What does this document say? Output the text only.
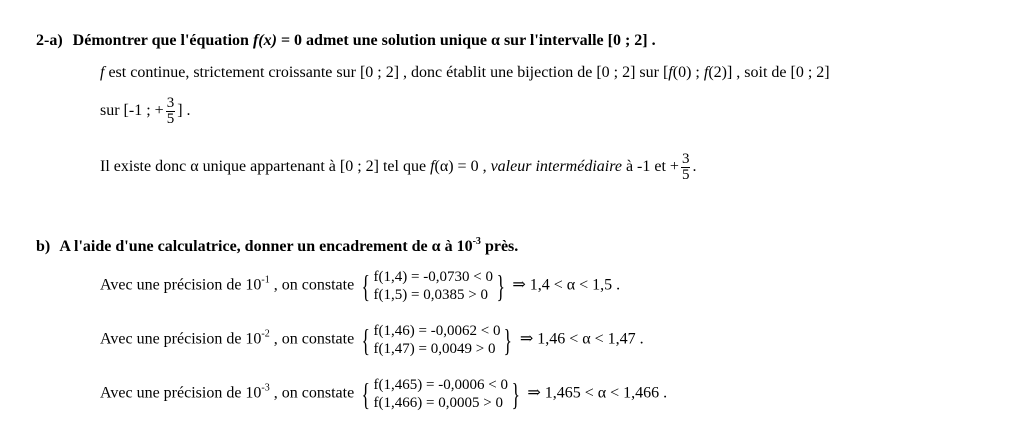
2-a) Démontrer que l'équation f(x) = 0 admet une solution unique α sur l'intervalle [0 ; 2] .
f est continue, strictement croissante sur [0 ; 2] , donc établit une bijection de [0 ; 2] sur [f(0) ; f(2)] , soit de [0 ; 2]
sur [-1 ; + $\frac{3}{5}$ ] .
Il existe donc α unique appartenant à [0 ; 2] tel que f(α) = 0 , valeur intermédiaire à -1 et + $\frac{3}{5}$ .
b) A l'aide d'une calculatrice, donner un encadrement de α à $10^{-3}$ près.
Avec une précision de $10^{-1}$ , on constate { f(1,4) = -0,0730 < 0
f(1,5) = 0,0385 > 0 } ⇒ 1,4 < α < 1,5 .
Avec une précision de $10^{-2}$ , on constate { f(1,46) = -0,0062 < 0
f(1,47) = 0,0049 > 0 } ⇒ 1,46 < α < 1,47 .
Avec une précision de $10^{-3}$ , on constate { f(1,465) = -0,0006 < 0
f(1,466) = 0,0005 > 0 } ⇒ 1,465 < α < 1,466 .
